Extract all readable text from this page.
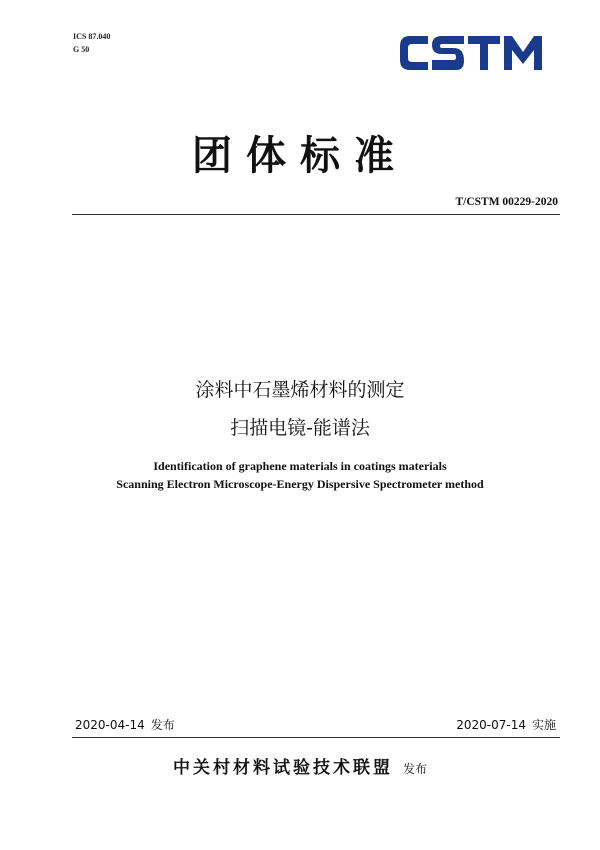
ICS 87.040
G 50
团体标准
T/CSTM 00229-2020
涂料中石墨烯材料的测定
扫描电镜-能谱法
Identification of graphene materials in coatings materials
Scanning Electron Microscope-Energy Dispersive Spectrometer method
2020-04-14 发布	2020-07-14 实施
中关村材料试验技术联盟 发布
